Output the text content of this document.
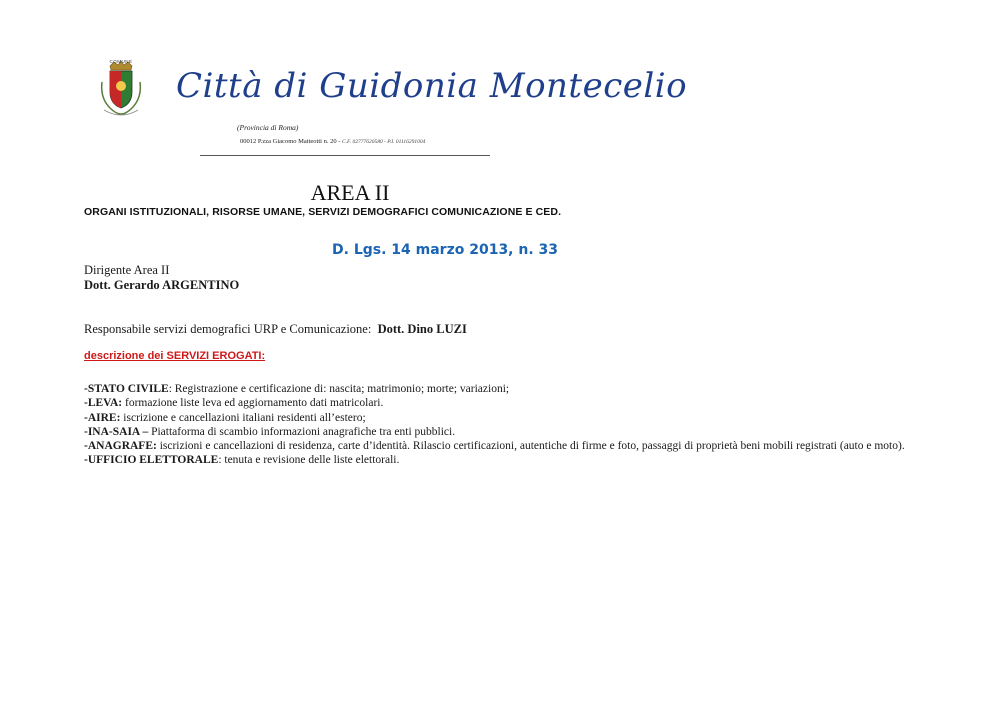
COMUNE
Città di Guidonia Montecelio
(Provincia di Roma)
00012 P.zza Giacomo Matteotti n. 20 - C.F. 02777620580 - P.I. 01116291004
AREA II
ORGANI ISTITUZIONALI, RISORSE UMANE, SERVIZI DEMOGRAFICI COMUNICAZIONE E CED.
D. Lgs. 14 marzo 2013, n. 33
Dirigente Area II
Dott. Gerardo ARGENTINO
Responsabile servizi demografici URP e Comunicazione: Dott. Dino LUZI
descrizione dei SERVIZI EROGATI:
-STATO CIVILE: Registrazione e certificazione di: nascita; matrimonio; morte; variazioni;
-LEVA: formazione liste leva ed aggiornamento dati matricolari.
-AIRE: iscrizione e cancellazioni italiani residenti all’estero;
-INA-SAIA – Piattaforma di scambio informazioni anagrafiche tra enti pubblici.
-ANAGRAFE: iscrizioni e cancellazioni di residenza, carte d’identità. Rilascio certificazioni, autentiche di firme e foto, passaggi di proprietà beni mobili registrati (auto e moto).
-UFFICIO ELETTORALE: tenuta e revisione delle liste elettorali.
